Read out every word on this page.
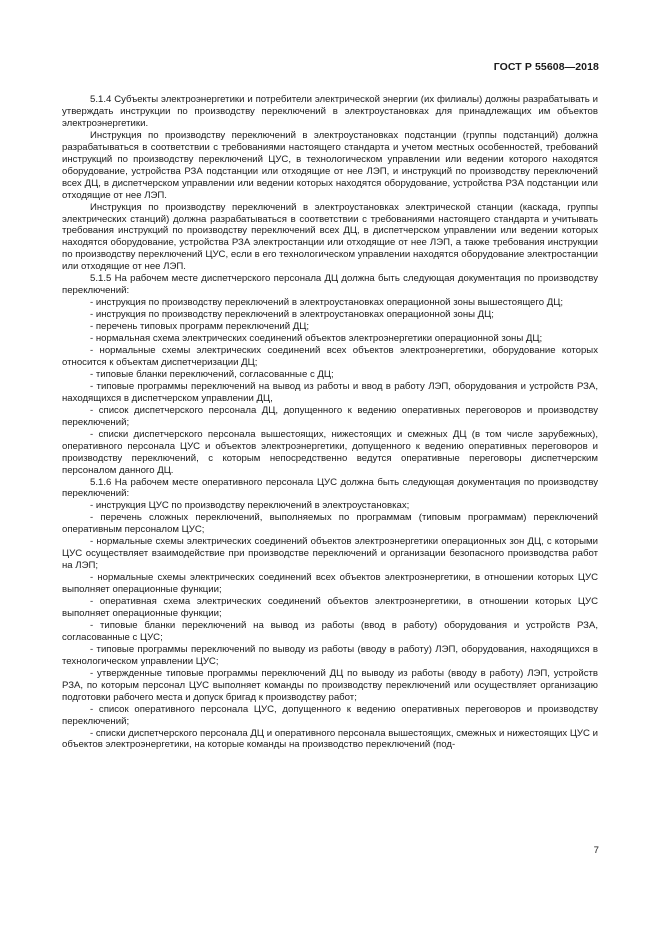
ГОСТ Р 55608—2018

5.1.4 Субъекты электроэнергетики и потребители электрической энергии (их филиалы) должны разрабатывать и утверждать инструкции по производству переключений в электроустановках для принадлежащих им объектов электроэнергетики.

Инструкция по производству переключений в электроустановках подстанции (группы подстанций) должна разрабатываться в соответствии с требованиями настоящего стандарта и учетом местных особенностей, требований инструкций по производству переключений ЦУС, в технологическом управлении или ведении которого находятся оборудование, устройства РЗА подстанции или отходящие от нее ЛЭП, и инструкций по производству переключений всех ДЦ, в диспетчерском управлении или ведении которых находятся оборудование, устройства РЗА подстанции или отходящие от нее ЛЭП.

Инструкция по производству переключений в электроустановках электрической станции (каскада, группы электрических станций) должна разрабатываться в соответствии с требованиями настоящего стандарта и учитывать требования инструкций по производству переключений всех ДЦ, в диспетчерском управлении или ведении которых находятся оборудование, устройства РЗА электростанции или отходящие от нее ЛЭП, а также требования инструкции по производству переключений ЦУС, если в его технологическом управлении находятся оборудование электростанции или отходящие от нее ЛЭП.

5.1.5 На рабочем месте диспетчерского персонала ДЦ должна быть следующая документация по производству переключений:

- инструкция по производству переключений в электроустановках операционной зоны вышестоящего ДЦ;

- инструкция по производству переключений в электроустановках операционной зоны ДЦ;

- перечень типовых программ переключений ДЦ;

- нормальная схема электрических соединений объектов электроэнергетики операционной зоны ДЦ;

- нормальные схемы электрических соединений всех объектов электроэнергетики, оборудование которых относится к объектам диспетчеризации ДЦ;

- типовые бланки переключений, согласованные с ДЦ;

- типовые программы переключений на вывод из работы и ввод в работу ЛЭП, оборудования и устройств РЗА, находящихся в диспетчерском управлении ДЦ,

- список диспетчерского персонала ДЦ, допущенного к ведению оперативных переговоров и производству переключений;

- списки диспетчерского персонала вышестоящих, нижестоящих и смежных ДЦ (в том числе зарубежных), оперативного персонала ЦУС и объектов электроэнергетики, допущенного к ведению оперативных переговоров и производству переключений, с которым непосредственно ведутся оперативные переговоры диспетчерским персоналом данного ДЦ.

5.1.6 На рабочем месте оперативного персонала ЦУС должна быть следующая документация по производству переключений:

- инструкция ЦУС по производству переключений в электроустановках;

- перечень сложных переключений, выполняемых по программам (типовым программам) переключений оперативным персоналом ЦУС;

- нормальные схемы электрических соединений объектов электроэнергетики операционных зон ДЦ, с которыми ЦУС осуществляет взаимодействие при производстве переключений и организации безопасного производства работ на ЛЭП;

- нормальные схемы электрических соединений всех объектов электроэнергетики, в отношении которых ЦУС выполняет операционные функции;

- оперативная схема электрических соединений объектов электроэнергетики, в отношении которых ЦУС выполняет операционные функции;

- типовые бланки переключений на вывод из работы (ввод в работу) оборудования и устройств РЗА, согласованные с ЦУС;

- типовые программы переключений по выводу из работы (вводу в работу) ЛЭП, оборудования, находящихся в технологическом управлении ЦУС;

- утвержденные типовые программы переключений ДЦ по выводу из работы (вводу в работу) ЛЭП, устройств РЗА, по которым персонал ЦУС выполняет команды по производству переключений или осуществляет организацию подготовки рабочего места и допуск бригад к производству работ;

- список оперативного персонала ЦУС, допущенного к ведению оперативных переговоров и производству переключений;

- списки диспетчерского персонала ДЦ и оперативного персонала вышестоящих, смежных и нижестоящих ЦУС и объектов электроэнергетики, на которые команды на производство переключений (под-

7
